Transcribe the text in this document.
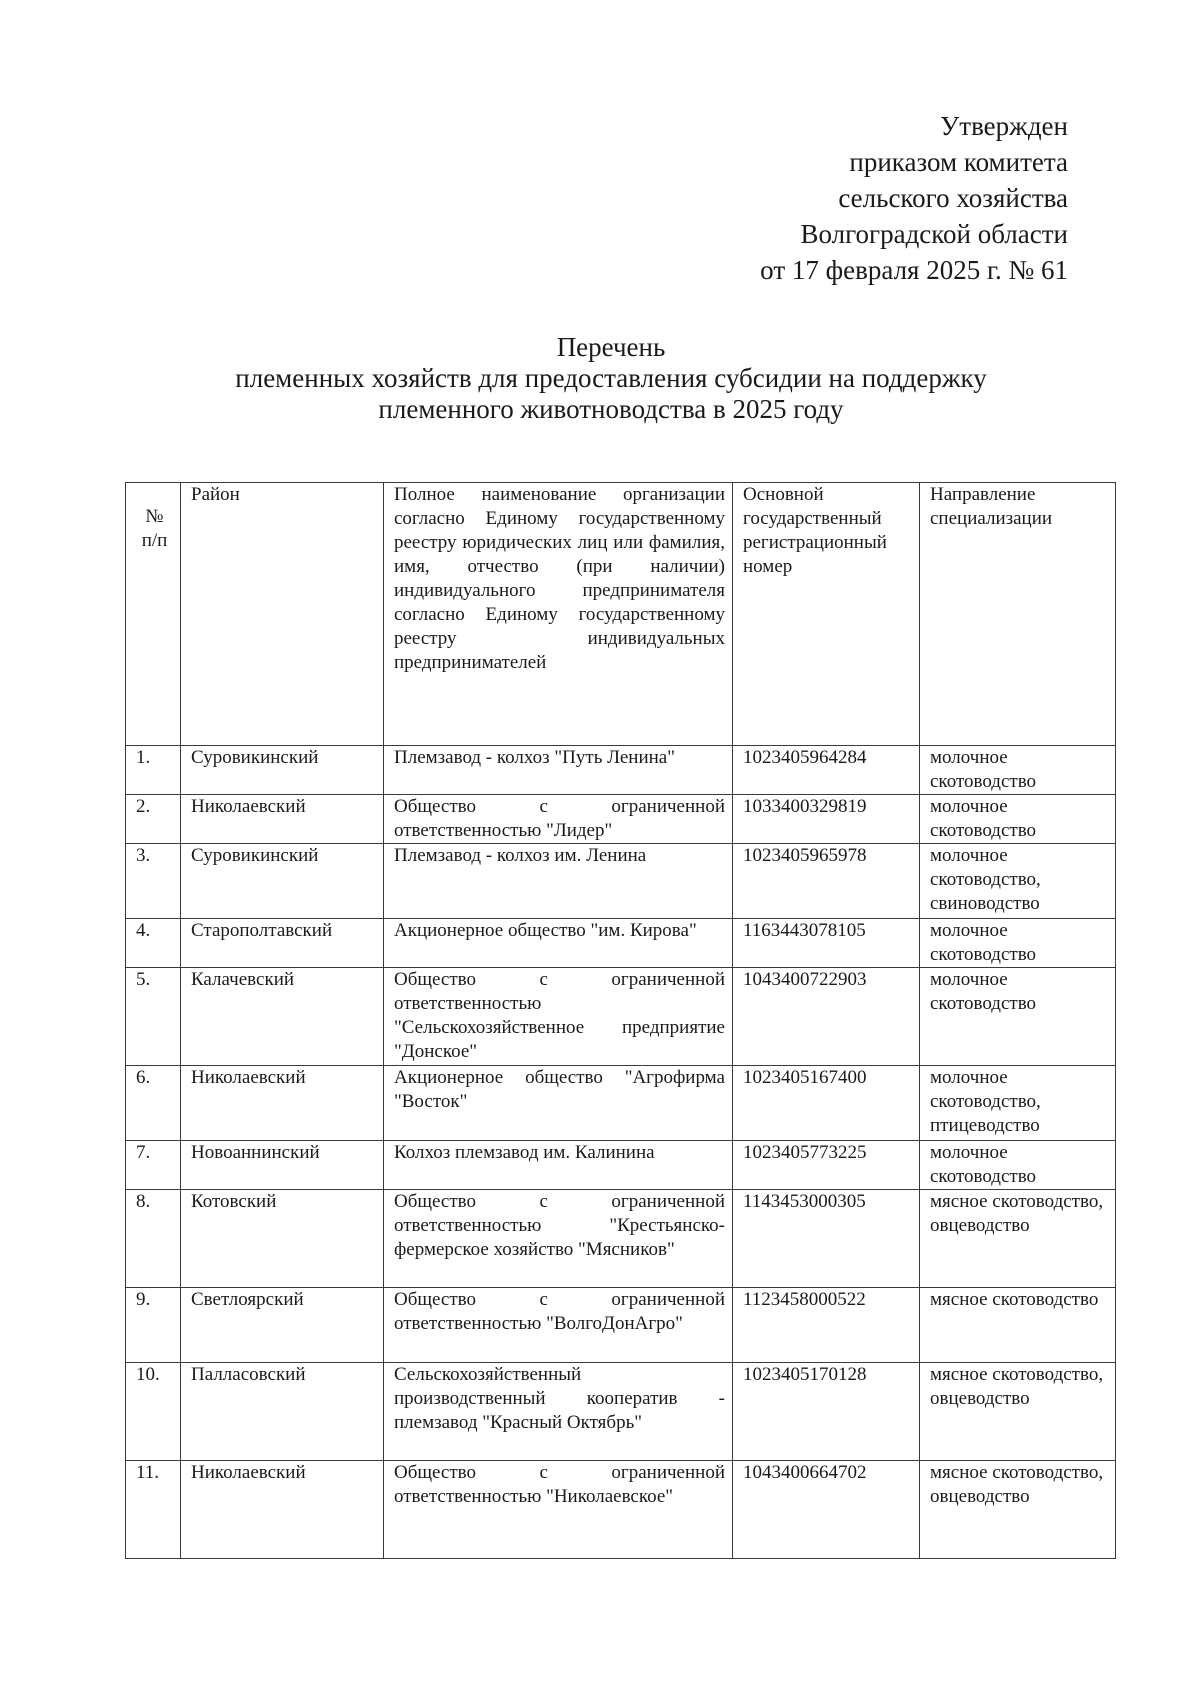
Утвержден
приказом комитета
сельского хозяйства
Волгоградской области
от 17 февраля 2025 г. № 61
Перечень
племенных хозяйств для предоставления субсидии на поддержку
племенного животноводства в 2025 году
№ п/п	Район	Полное наименование организации согласно Единому государственному реестру юридических лиц или фамилия, имя, отчество (при наличии) индивидуального предпринимателя согласно Единому государственному реестру индивидуальных предпринимателей	Основной государственный регистрационный номер	Направление специализации
1.	Суровикинский	Племзавод - колхоз "Путь Ленина"	1023405964284	молочное скотоводство
2.	Николаевский	Общество с ограниченной ответственностью "Лидер"	1033400329819	молочное скотоводство
3.	Суровикинский	Племзавод - колхоз им. Ленина	1023405965978	молочное скотоводство, свиноводство
4.	Старополтавский	Акционерное общество "им. Кирова"	1163443078105	молочное скотоводство
5.	Калачевский	Общество с ограниченной ответственностью "Сельскохозяйственное предприятие "Донское"	1043400722903	молочное скотоводство
6.	Николаевский	Акционерное общество "Агрофирма "Восток"	1023405167400	молочное скотоводство, птицеводство
7.	Новоаннинский	Колхоз племзавод им. Калинина	1023405773225	молочное скотоводство
8.	Котовский	Общество с ограниченной ответственностью "Крестьянско-фермерское хозяйство "Мясников"	1143453000305	мясное скотоводство, овцеводство
9.	Светлоярский	Общество с ограниченной ответственностью "ВолгоДонАгро"	1123458000522	мясное скотоводство
10.	Палласовский	Сельскохозяйственный производственный кооператив - племзавод "Красный Октябрь"	1023405170128	мясное скотоводство, овцеводство
11.	Николаевский	Общество с ограниченной ответственностью "Николаевское"	1043400664702	мясное скотоводство, овцеводство
